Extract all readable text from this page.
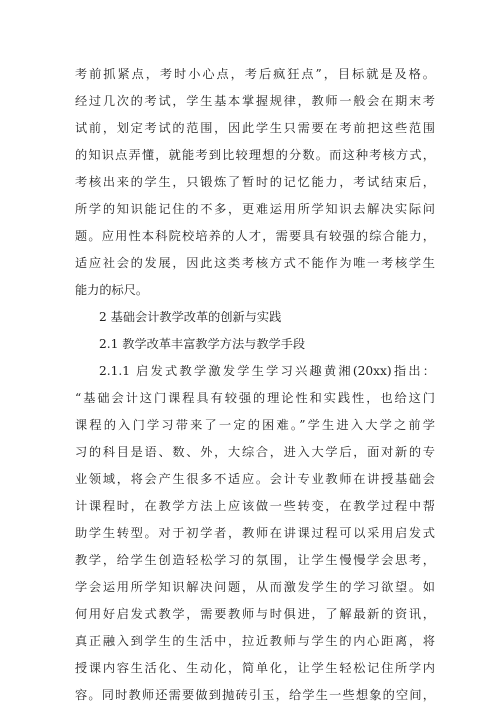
考前抓紧点，考时小心点，考后疯狂点”，目标就是及格。
经过几次的考试，学生基本掌握规律，教师一般会在期末考
试前，划定考试的范围，因此学生只需要在考前把这些范围
的知识点弄懂，就能考到比较理想的分数。而这种考核方式，
考核出来的学生，只锻炼了暂时的记忆能力，考试结束后，
所学的知识能记住的不多，更难运用所学知识去解决实际问
题。应用性本科院校培养的人才，需要具有较强的综合能力，
适应社会的发展，因此这类考核方式不能作为唯一考核学生
能力的标尺。
2 基础会计教学改革的创新与实践
2.1 教学改革丰富教学方法与教学手段
2.1.1 启发式教学激发学生学习兴趣黄湘(20xx)指出：
“基础会计这门课程具有较强的理论性和实践性，也给这门
课程的入门学习带来了一定的困难。”学生进入大学之前学
习的科目是语、数、外，大综合，进入大学后，面对新的专
业领域，将会产生很多不适应。会计专业教师在讲授基础会
计课程时，在教学方法上应该做一些转变，在教学过程中帮
助学生转型。对于初学者，教师在讲课过程可以采用启发式
教学，给学生创造轻松学习的氛围，让学生慢慢学会思考，
学会运用所学知识解决问题，从而激发学生的学习欲望。如
何用好启发式教学，需要教师与时俱进，了解最新的资讯，
真正融入到学生的生活中，拉近教师与学生的内心距离，将
授课内容生活化、生动化，简单化，让学生轻松记住所学内
容。同时教师还需要做到抛砖引玉，给学生一些想象的空间，
